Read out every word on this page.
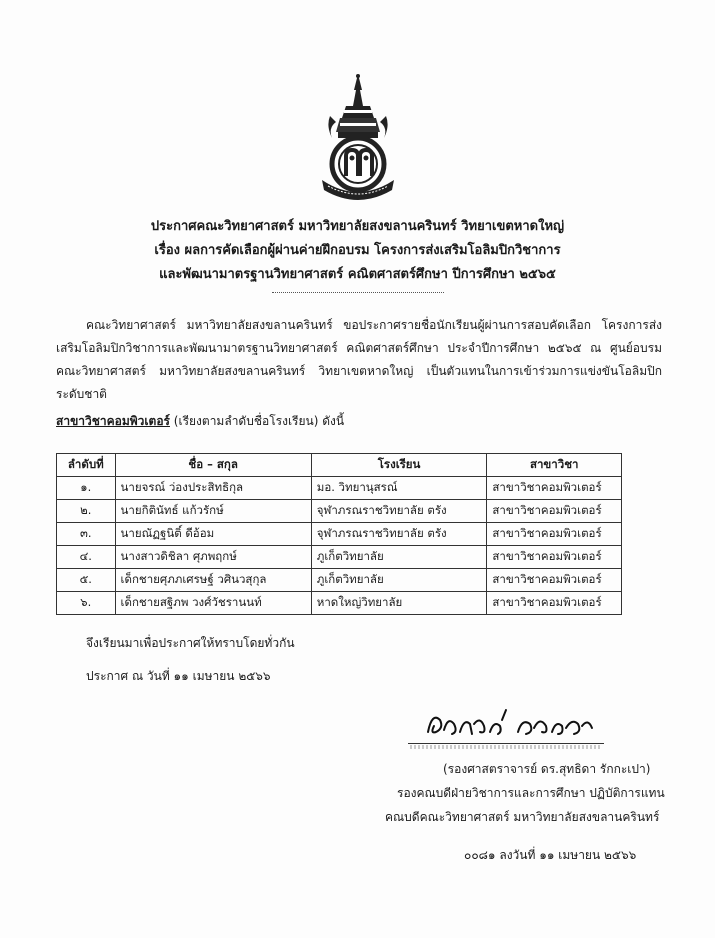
ประกาศคณะวิทยาศาสตร์ มหาวิทยาลัยสงขลานครินทร์ วิทยาเขตหาดใหญ่
เรื่อง ผลการคัดเลือกผู้ผ่านค่ายฝึกอบรม โครงการส่งเสริมโอลิมปิกวิชาการ
และพัฒนามาตรฐานวิทยาศาสตร์ คณิตศาสตร์ศึกษา ปีการศึกษา ๒๕๖๕
คณะวิทยาศาสตร์ มหาวิทยาลัยสงขลานครินทร์ ขอประกาศรายชื่อนักเรียนผู้ผ่านการสอบคัดเลือก โครงการส่งเสริมโอลิมปิกวิชาการและพัฒนามาตรฐานวิทยาศาสตร์ คณิตศาสตร์ศึกษา ประจำปีการศึกษา ๒๕๖๕ ณ ศูนย์อบรม คณะวิทยาศาสตร์ มหาวิทยาลัยสงขลานครินทร์ วิทยาเขตหาดใหญ่ เป็นตัวแทนในการเข้าร่วมการแข่งขันโอลิมปิกระดับชาติ
สาขาวิชาคอมพิวเตอร์ (เรียงตามลำดับชื่อโรงเรียน) ดังนี้
ลำดับที่	ชื่อ – สกุล	โรงเรียน	สาขาวิชา
๑.	นายจรณ์ ว่องประสิทธิกุล	มอ. วิทยานุสรณ์	สาขาวิชาคอมพิวเตอร์
๒.	นายกิตินัทธ์ แก้วรักษ์	จุฬาภรณราชวิทยาลัย ตรัง	สาขาวิชาคอมพิวเตอร์
๓.	นายณัฏฐนิติ์ ดีอ้อม	จุฬาภรณราชวิทยาลัย ตรัง	สาขาวิชาคอมพิวเตอร์
๔.	นางสาวดิชิลา ศุภพฤกษ์	ภูเก็ตวิทยาลัย	สาขาวิชาคอมพิวเตอร์
๕.	เด็กชายศุภภเศรษฐ์ วศินวสุกุล	ภูเก็ตวิทยาลัย	สาขาวิชาคอมพิวเตอร์
๖.	เด็กชายสฐิภพ วงศ์วัชรานนท์	หาดใหญ่วิทยาลัย	สาขาวิชาคอมพิวเตอร์
จึงเรียนมาเพื่อประกาศให้ทราบโดยทั่วกัน
ประกาศ ณ วันที่ ๑๑ เมษายน ๒๕๖๖
(รองศาสตราจารย์ ดร.สุทธิดา รักกะเปา)
รองคณบดีฝ่ายวิชาการและการศึกษา ปฏิบัติการแทน
คณบดีคณะวิทยาศาสตร์ มหาวิทยาลัยสงขลานครินทร์
๐๐๘๑ ลงวันที่ ๑๑ เมษายน ๒๕๖๖
